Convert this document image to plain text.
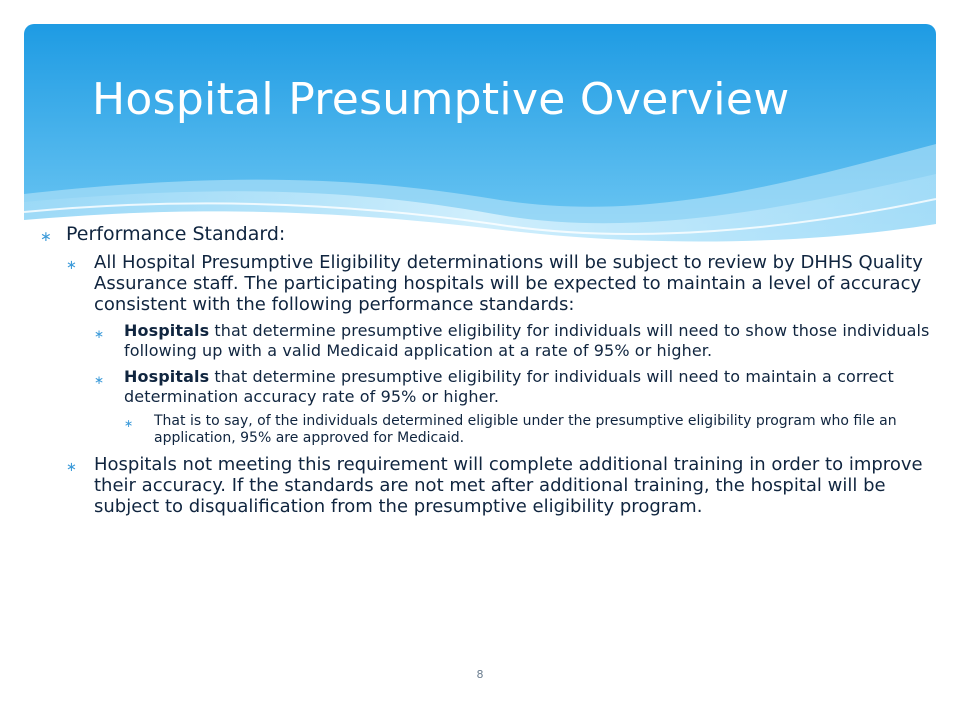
Hospital Presumptive Overview
∗ Performance Standard:
∗ All Hospital Presumptive Eligibility determinations will be subject to review by DHHS Quality Assurance staff. The participating hospitals will be expected to maintain a level of accuracy consistent with the following performance standards:
∗ Hospitals that determine presumptive eligibility for individuals will need to show those individuals following up with a valid Medicaid application at a rate of 95% or higher.
∗ Hospitals that determine presumptive eligibility for individuals will need to maintain a correct determination accuracy rate of 95% or higher.
∗ That is to say, of the individuals determined eligible under the presumptive eligibility program who file an application, 95% are approved for Medicaid.
∗ Hospitals not meeting this requirement will complete additional training in order to improve their accuracy. If the standards are not met after additional training, the hospital will be subject to disqualification from the presumptive eligibility program.
8
